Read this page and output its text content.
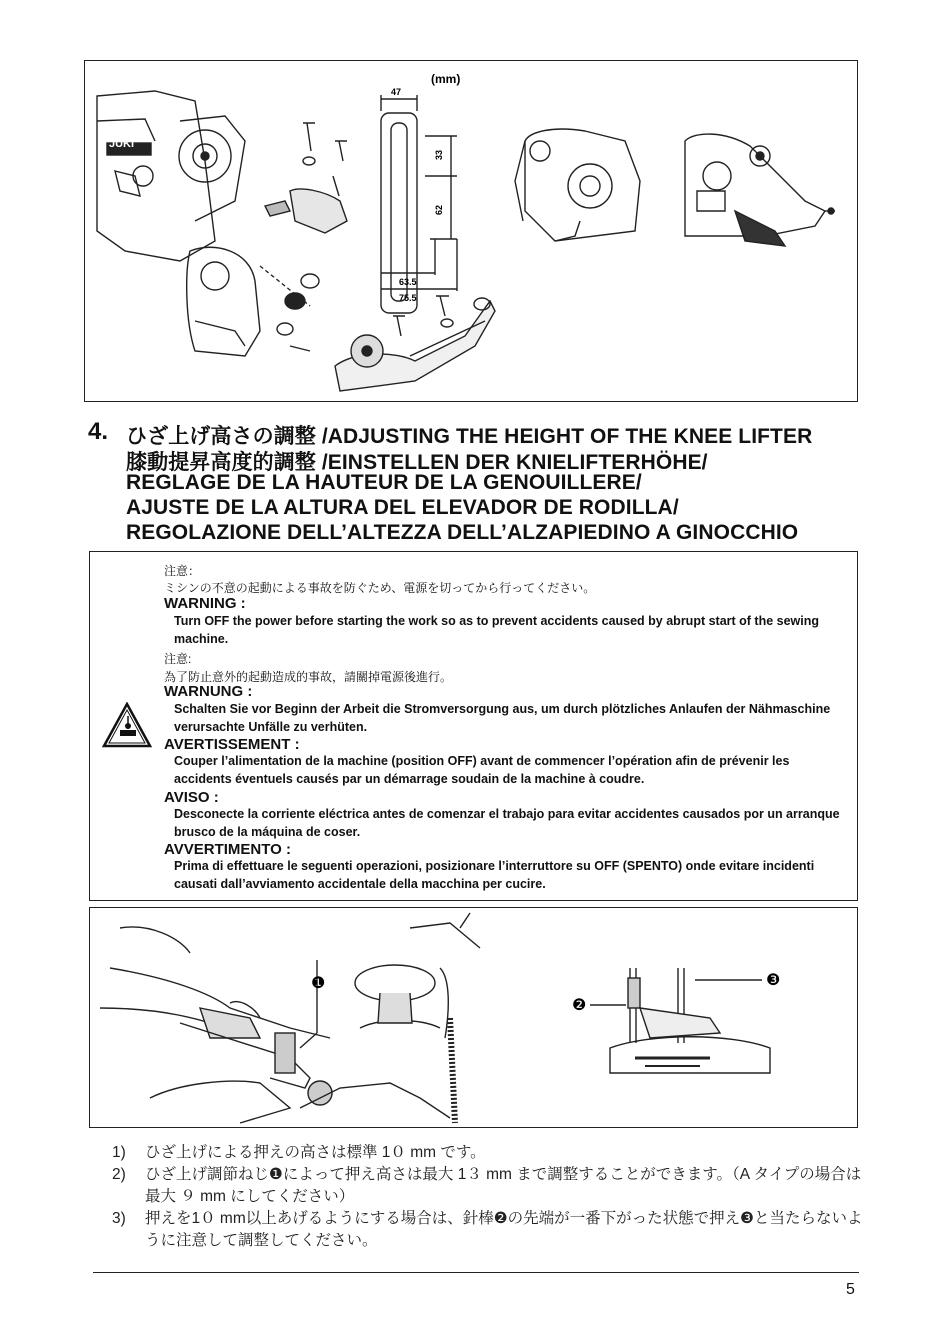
(mm)
47
33
62
63.5
75.5
JUKI
4. ひざ上げ高さの調整 /ADJUSTING THE HEIGHT OF THE KNEE LIFTER
膝動提昇高度的調整 /EINSTELLEN DER KNIELIFTERHÖHE/
REGLAGE DE LA HAUTEUR DE LA GENOUILLERE/
AJUSTE DE LA ALTURA DEL ELEVADOR DE RODILLA/
REGOLAZIONE DELL’ALTEZZA DELL’ALZAPIEDINO A GINOCCHIO
注意：
ミシンの不意の起動による事故を防ぐため、電源を切ってから行ってください。
WARNING :
Turn OFF the power before starting the work so as to prevent accidents caused by abrupt start of the sewing machine.
注意:
為了防止意外的起動造成的事故，請關掉電源後進行。
WARNUNG :
Schalten Sie vor Beginn der Arbeit die Stromversorgung aus, um durch plötzliches Anlaufen der Nähmaschine verursachte Unfälle zu verhüten.
AVERTISSEMENT :
Couper l’alimentation de la machine (position OFF) avant de commencer l’opération afin de prévenir les accidents éventuels causés par un démarrage soudain de la machine à coudre.
AVISO :
Desconecte la corriente eléctrica antes de comenzar el trabajo para evitar accidentes causados por un arranque brusco de la máquina de coser.
AVVERTIMENTO :
Prima di effettuare le seguenti operazioni, posizionare l’interruttore su OFF (SPENTO) onde evitare incidenti causati dall’avviamento accidentale della macchina per cucire.
❶
❷
❸
1)	ひざ上げによる押えの高さは標準 1０ mm です。
2)	ひざ上げ調節ねじ❶によって押え高さは最大 1３ mm まで調整することができます。（A タイプの場合は最大 ９ mm にしてください）
3)	押えを1０ mm以上あげるようにする場合は、針棒❷の先端が一番下がった状態で押え❸と当たらないように注意して調整してください。
5
